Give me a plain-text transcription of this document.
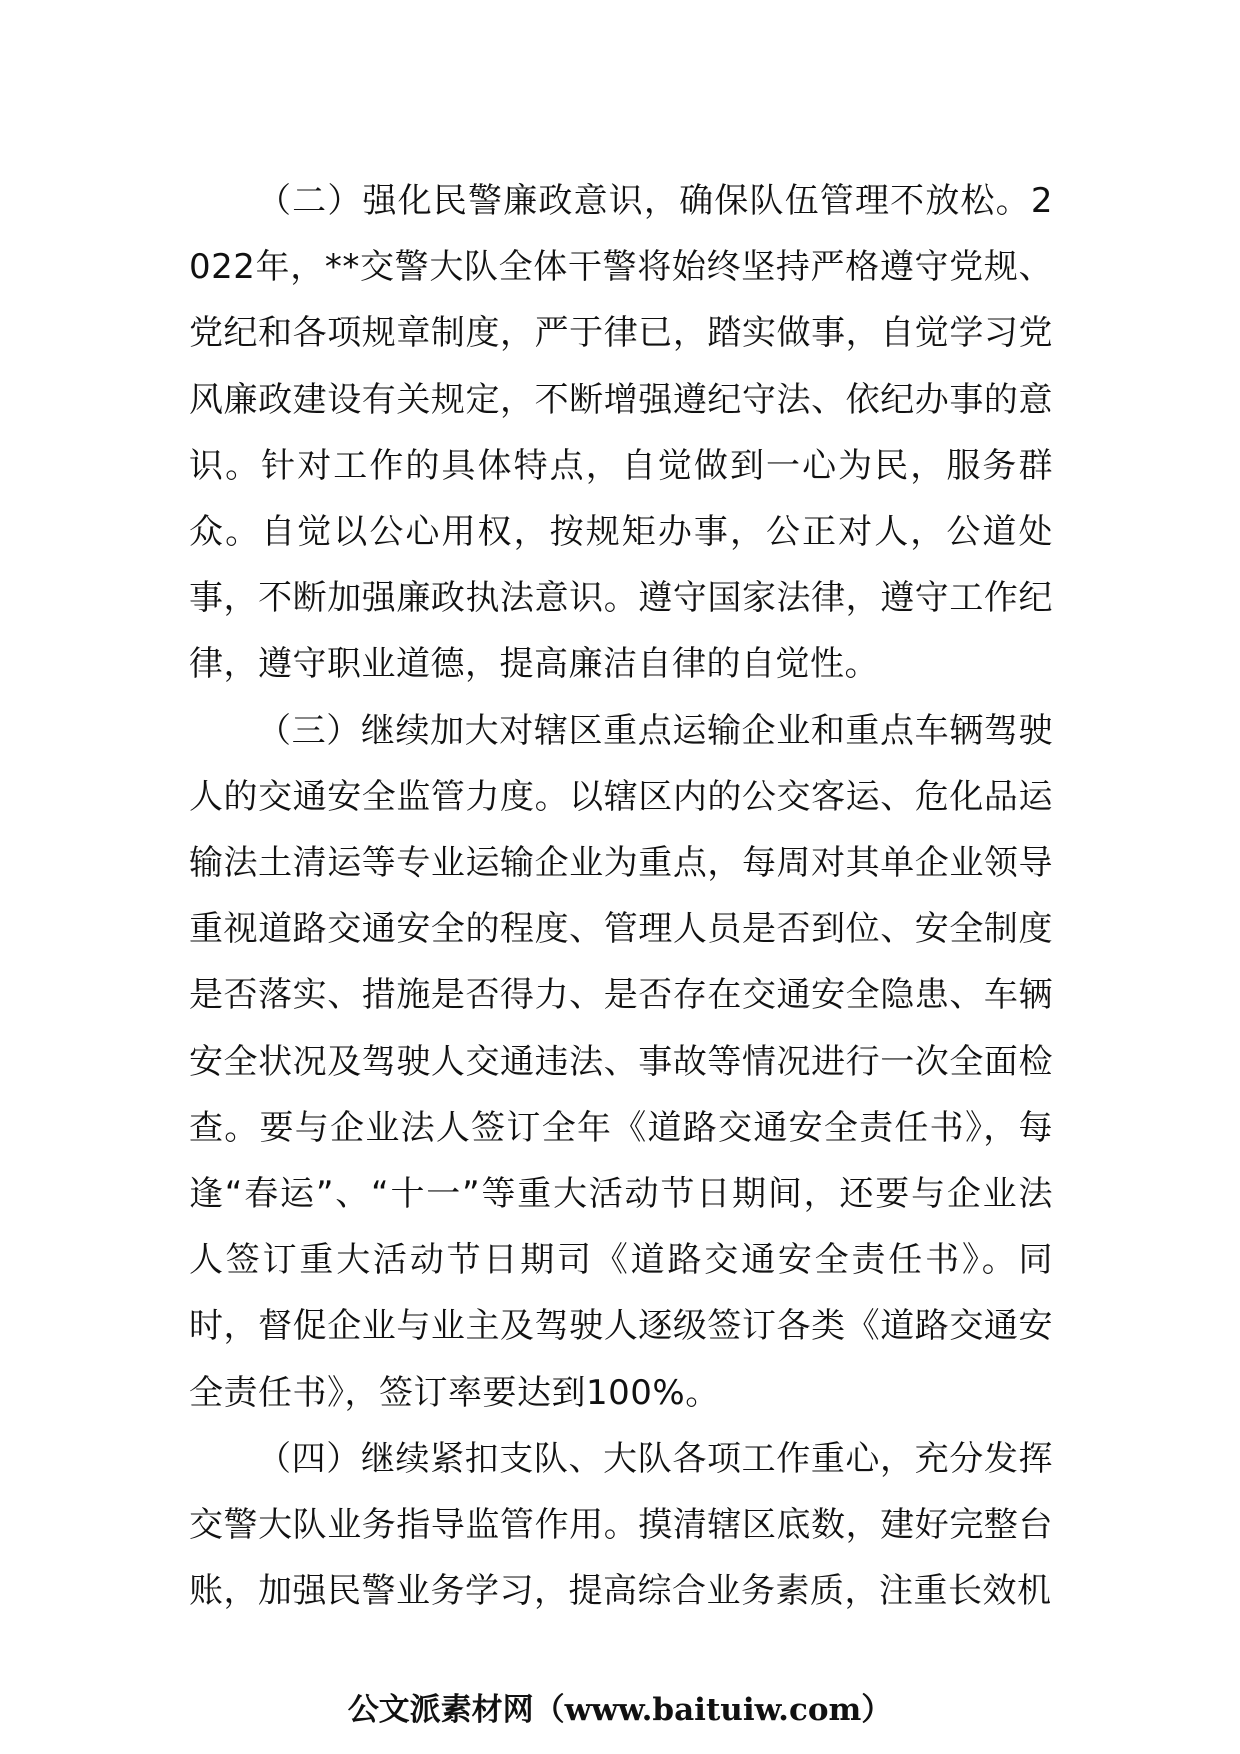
（二）强化民警廉政意识，确保队伍管理不放松。2022年，**交警大队全体干警将始终坚持严格遵守党规、党纪和各项规章制度，严于律已，踏实做事，自觉学习党风廉政建设有关规定，不断增强遵纪守法、依纪办事的意识。针对工作的具体特点，自觉做到一心为民，服务群众。自觉以公心用权，按规矩办事，公正对人，公道处事，不断加强廉政执法意识。遵守国家法律，遵守工作纪律，遵守职业道德，提高廉洁自律的自觉性。

（三）继续加大对辖区重点运输企业和重点车辆驾驶人的交通安全监管力度。以辖区内的公交客运、危化品运输法土清运等专业运输企业为重点，每周对其单企业领导重视道路交通安全的程度、管理人员是否到位、安全制度是否落实、措施是否得力、是否存在交通安全隐患、车辆安全状况及驾驶人交通违法、事故等情况进行一次全面检查。要与企业法人签订全年《道路交通安全责任书》，每逢“春运”、“十一”等重大活动节日期间，还要与企业法人签订重大活动节日期司《道路交通安全责任书》。同时，督促企业与业主及驾驶人逐级签订各类《道路交通安全责任书》，签订率要达到100%。

（四）继续紧扣支队、大队各项工作重心，充分发挥交警大队业务指导监管作用。摸清辖区底数，建好完整台账，加强民警业务学习，提高综合业务素质，注重长效机

公文派素材网（www.baituiw.com）
